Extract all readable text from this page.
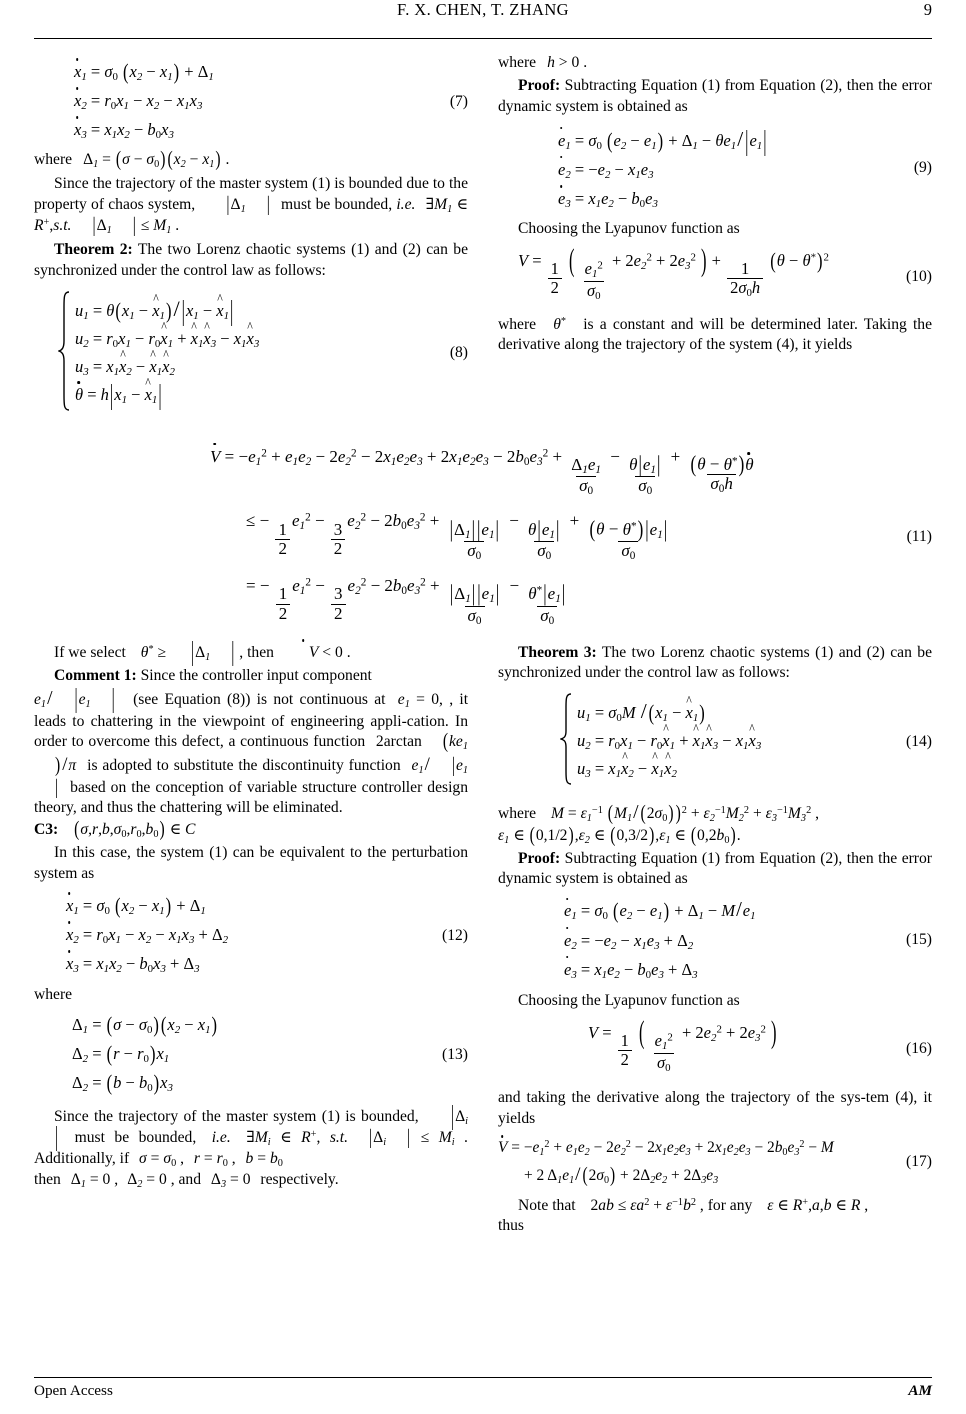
F. X. CHEN, T. ZHANG	9
$x_1 = \sigma_0$ $(x_2 - x_1) + \Delta_1$
$x_2 = r_0x_1 - x_2 - x_1x_3$
$x_3 = x_1x_2 - b_0x_3$
(7)

where $\Delta_1 = (\sigma - \sigma_0) (x_2 - x_1)$ .

Since the trajectory of the master system (1) is bounded due to the property of chaos system, $|\Delta_1$ | must be bounded, i.e. $\exists M_1$ ∈ R+,s.t. $|\Delta_1$ | ≤ $M_1$ .

Theorem 2: The two Lorenz chaotic systems (1) and (2) can be synchronized under the control law as follows:

$u_1 = \theta(x_1 - x$ $\^{}_1)/$ $|x_1 - x$ $\^{}_1|$
$u_2 = r_0x_1 - r_0x$ $\^{}_1 + x$ $\^{}_1x$ $\^{}_3 - x_1x$ $\^{}_3$
$u_3 = x_1x$ $\^{}_2 - x$ $\^{}_1x$ $\^{}_2$
$\theta = h|x_1 - x$ $\^{}_1|$
(8)

where h > 0 .

Proof: Subtracting Equation (1) from Equation (2), then the error dynamic system is obtained as

$e_1 = \sigma_0$ $(e_2 - e_1) + \Delta_1 - \theta e_1/$ $|e_1|$
$e_2 = -e_2 - x_1e_3$
$e_3 = x_1e_2 - b_0e_3$
(9)

Choosing the Lyapunov function as

$V = \frac{1}{2}$ ( $\frac{e_1^2}{\sigma_0} + 2e_2^2 + 2e_3^2$ ) + $\frac{1}{2\sigma_0h} (\theta - \theta^*)^2$
(10)

where θ* is a constant and will be determined later. Taking the derivative along the trajectory of the system (4), it yields

$V = -e_1^2 + e_1e_2 - 2e_2^2 - 2x_1e_2e_3 + 2x_1e_2e_3 - 2b_0e_3^2 + \frac{\Delta_1e_1}{\sigma_0} - \frac{\theta|e_1|}{\sigma_0} + \frac{(\theta - \theta^*)\theta}{\sigma_0h}$
≤ − $\frac{1}{2} e_1^2 - \frac{3}{2} e_2^2 - 2b_0e_3^2 + \frac{|\Delta_1| |e_1|}{\sigma_0} - \frac{\theta|e_1|}{\sigma_0} + \frac{(\theta - \theta^*) |e_1|}{\sigma_0}$
= − $\frac{1}{2} e_1^2 - \frac{3}{2} e_2^2 - 2b_0e_3^2 + \frac{|\Delta_1| |e_1|}{\sigma_0} - \frac{\theta^*|e_1|}{\sigma_0}$
(11)

If we select $\theta^* \ge |\Delta_1$ | , then V < 0 .

Comment 1: Since the controller input component
$e_1/$ $|e_1$ | (see Equation (8)) is not continuous at $e_1 = 0$, , it leads to chattering in the viewpoint of engineering appli-cation. In order to overcome this defect, a continuous function 2arctan $(ke_1)$ /π is adopted to substitute the discontinuity function $e_1/$ $|e_1|$ based on the conception of variable structure controller design theory, and thus the chattering will be eliminated.

C3: $(\sigma,r,b,\sigma_0,r_0,b_0)$ ∈ C

In this case, the system (1) can be equivalent to the perturbation system as

$x_1 = \sigma_0$ $(x_2 - x_1) + \Delta_1$
$x_2 = r_0x_1 - x_2 - x_1x_3 + \Delta_2$
$x_3 = x_1x_2 - b_0x_3 + \Delta_3$
(12)

where

$\Delta_1 = (\sigma - \sigma_0) (x_2 - x_1)$
$\Delta_2 = (r - r_0)x_1$
$\Delta_2 = (b - b_0)x_3$
(13)

Since the trajectory of the master system (1) is bounded, $|\Delta_i|$ must be bounded, i.e. $\exists M_i$ ∈ R+, s.t. $|\Delta_i$ | ≤ $M_i$ . Additionally, if $\sigma = \sigma_0$ , $r = r_0$ , $b = b_0$
then $\Delta_1 = 0$ , $\Delta_2 = 0$ , and $\Delta_3 = 0$ respectively.

Theorem 3: The two Lorenz chaotic systems (1) and (2) can be synchronized under the control law as follows:

$u_1 = \sigma_0M / (x_1 - x$ $\^{}_1$)
$u_2 = r_0x_1 - r_0x$ $\^{}_1 + x$ $\^{}_1x$ $\^{}_3 - x_1x$ $\^{}_3$
$u_3 = x_1x$ $\^{}_2 - x$ $\^{}_1x$ $\^{}_2$
(14)

where $M = \varepsilon_1^{-1}$ ($M_1/$ $(2\sigma_0) )^2 + \varepsilon_2^{-1}M_2^2 + \varepsilon_3^{-1}M_3^2$ ,
$\varepsilon_1$ ∈ $(0,1/2),\varepsilon_2$ ∈ $(0,3/2),\varepsilon_1$ ∈ $(0,2b_0)$.

Proof: Subtracting Equation (1) from Equation (2), then the error dynamic system is obtained as

$e_1 = \sigma_0$ $(e_2 - e_1) + \Delta_1 - M/e_1$
$e_2 = -e_2 - x_1e_3 + \Delta_2$
$e_3 = x_1e_2 - b_0e_3 + \Delta_3$
(15)

Choosing the Lyapunov function as

$V = \frac{1}{2}$ ( $\frac{e_1^2}{\sigma_0} + 2e_2^2 + 2e_3^2$ )	(16)

and taking the derivative along the trajectory of the sys-tem (4), it yields

$V = -e_1^2 + e_1e_2 - 2e_2^2 - 2x_1e_2e_3 + 2x_1e_2e_3 - 2b_0e_3^2 - M$
+ 2 $\Delta_1e_1/$ $(2\sigma_0) + 2\Delta_2e_2 + 2\Delta_3e_3$
(17)

Note that $2ab \le \varepsilon a^2 + \varepsilon^{-1}b^2$ , for any ε ∈ R+,a,b ∈ R ,

thus

Open Access	AM
